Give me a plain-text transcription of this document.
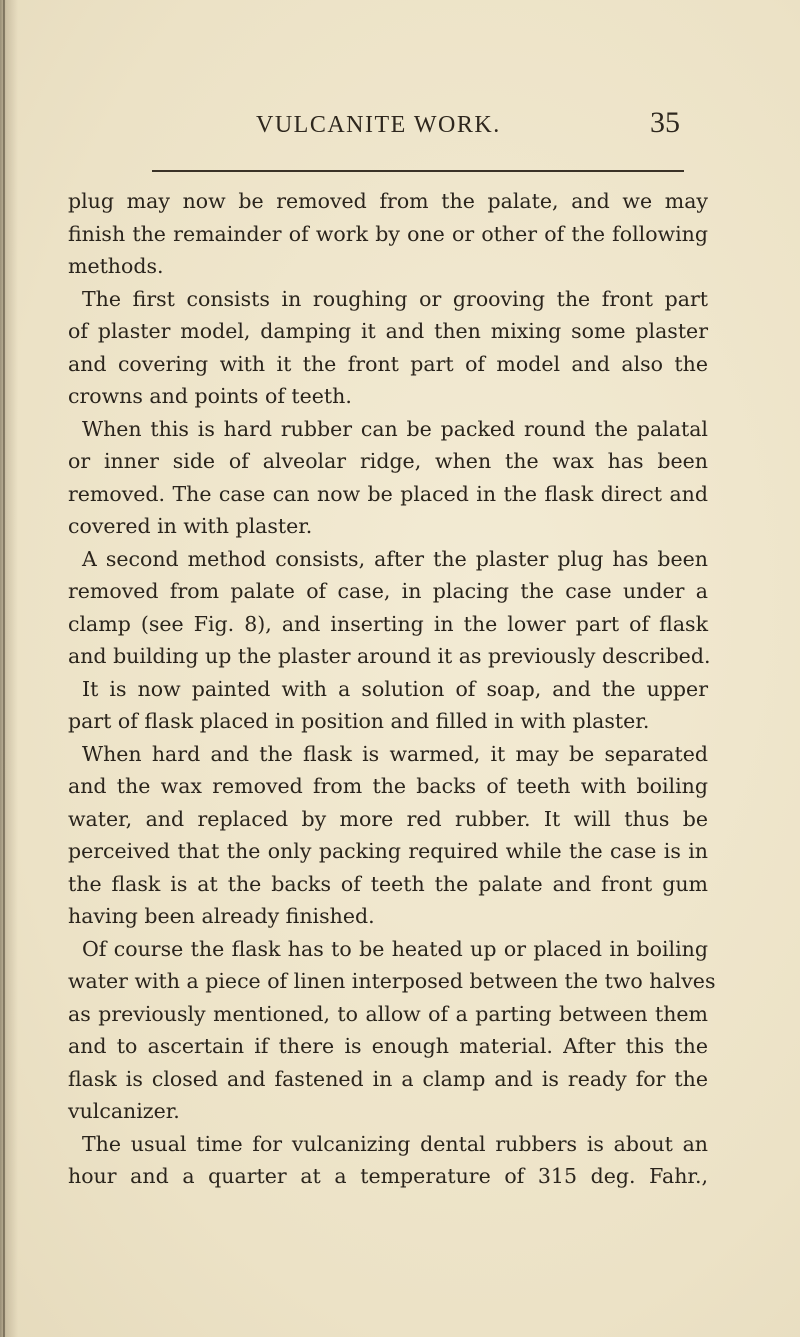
VULCANITE WORK.	35
plug may now be removed from the palate, and we may
finish the remainder of work by one or other of the following
methods.
The first consists in roughing or grooving the front part
of plaster model, damping it and then mixing some plaster
and covering with it the front part of model and also the
crowns and points of teeth.
When this is hard rubber can be packed round the palatal
or inner side of alveolar ridge, when the wax has been
removed. The case can now be placed in the flask direct and
covered in with plaster.
A second method consists, after the plaster plug has been
removed from palate of case, in placing the case under a
clamp (see Fig. 8), and inserting in the lower part of flask
and building up the plaster around it as previously described.
It is now painted with a solution of soap, and the upper
part of flask placed in position and filled in with plaster.
When hard and the flask is warmed, it may be separated
and the wax removed from the backs of teeth with boiling
water, and replaced by more red rubber. It will thus be
perceived that the only packing required while the case is in
the flask is at the backs of teeth the palate and front gum
having been already finished.
Of course the flask has to be heated up or placed in boiling
water with a piece of linen interposed between the two halves
as previously mentioned, to allow of a parting between them
and to ascertain if there is enough material. After this the
flask is closed and fastened in a clamp and is ready for the
vulcanizer.
The usual time for vulcanizing dental rubbers is about an
hour and a quarter at a temperature of 315 deg. Fahr.,
